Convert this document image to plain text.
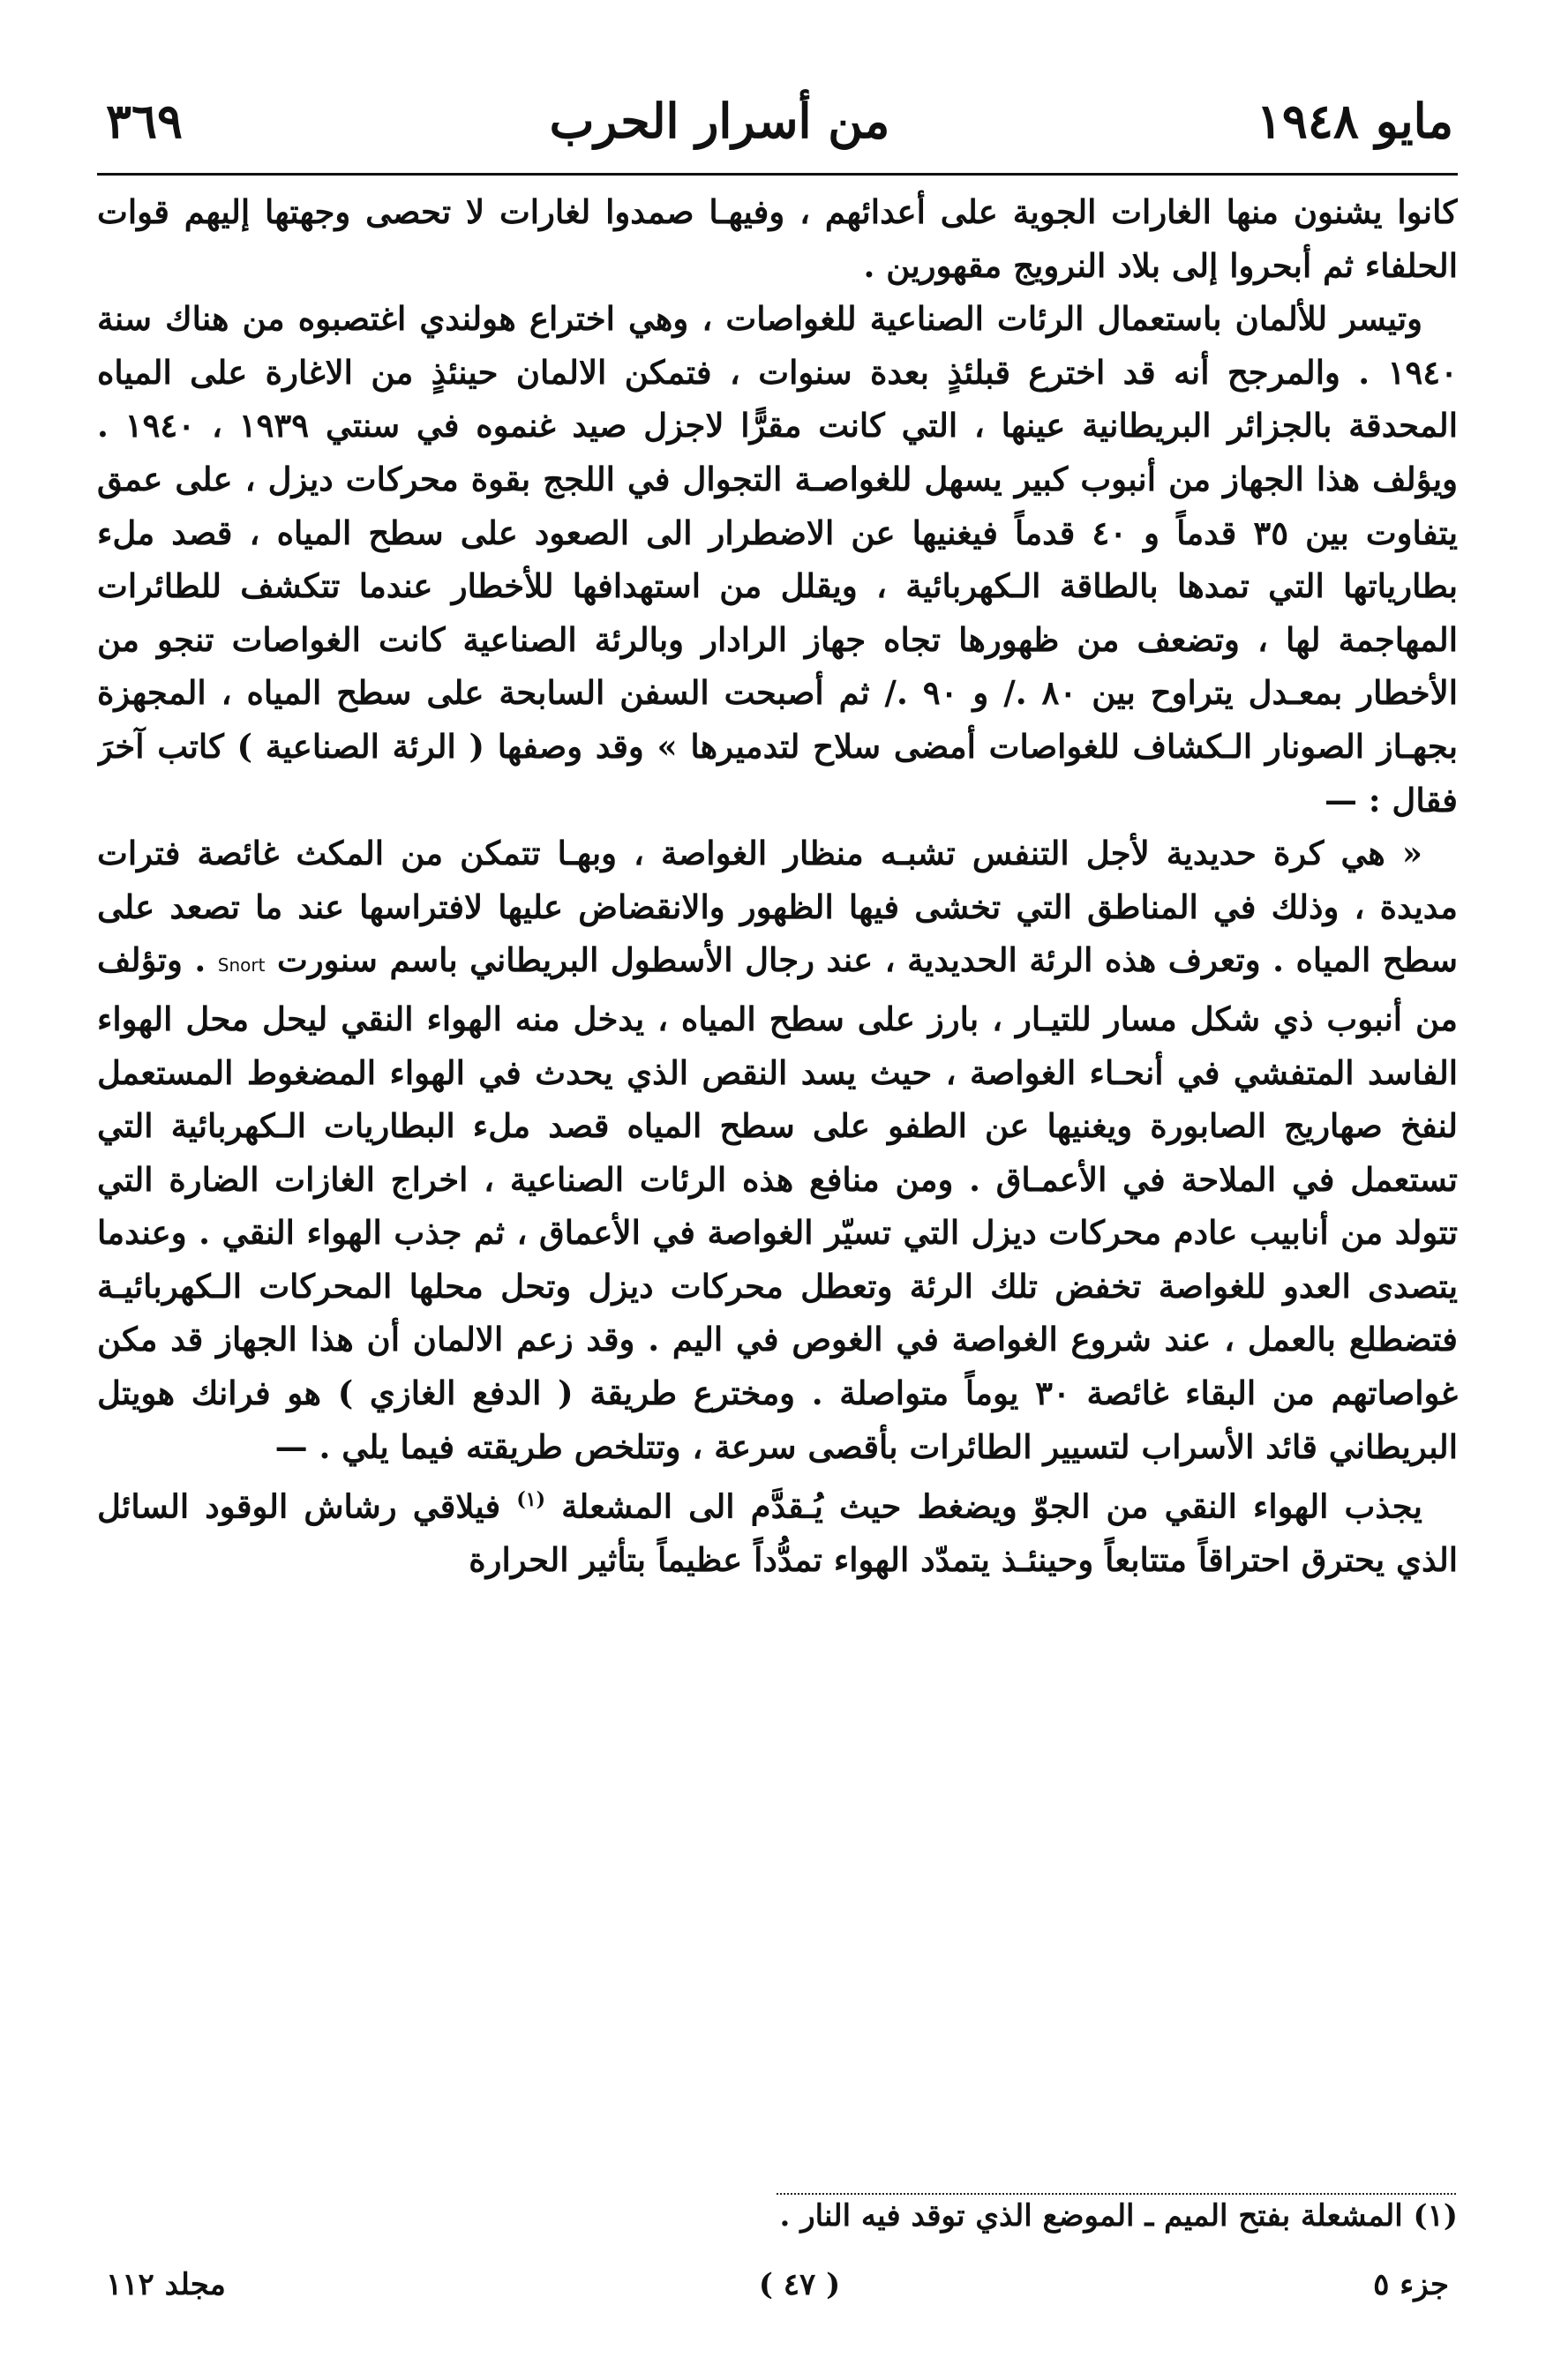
مايو ١٩٤٨
من أسرار الحرب
٣٦٩

كانوا يشنون منها الغارات الجوية على أعدائهم ، وفيهـا صمدوا لغارات لا تحصى وجهتها إليهم قوات الحلفاء ثم أبحروا إلى بلاد النرويج مقهورين .

وتيسر للألمان باستعمال الرئات الصناعية للغواصات ، وهي اختراع هولندي اغتصبوه من هناك سنة ١٩٤٠ . والمرجح أنه قد اخترع قبلئذٍ بعدة سنوات ، فتمكن الالمان حينئذٍ من الاغارة على المياه المحدقة بالجزائر البريطانية عينها ، التي كانت مقرًّا لاجزل صيد غنموه في سنتي ١٩٣٩ ، ١٩٤٠ . ويؤلف هذا الجهاز من أنبوب كبير يسهل للغواصـة التجوال في اللجج بقوة محركات ديزل ، على عمق يتفاوت بين ٣٥ قدماً و ٤٠ قدماً فيغنيها عن الاضطرار الى الصعود على سطح المياه ، قصد ملء بطارياتها التي تمدها بالطاقة الـكهربائية ، ويقلل من استهدافها للأخطار عندما تتكشف للطائرات المهاجمة لها ، وتضعف من ظهورها تجاه جهاز الرادار وبالرئة الصناعية كانت الغواصات تنجو من الأخطار بمعـدل يتراوح بين ٨٠ ./ و ٩٠ ./ ثم أصبحت السفن السابحة على سطح المياه ، المجهزة بجهـاز الصونار الـكشاف للغواصات أمضى سلاح لتدميرها » وقد وصفها ( الرئة الصناعية ) كاتب آخرَ فقال : —

« هي كرة حديدية لأجل التنفس تشبـه منظار الغواصة ، وبهـا تتمكن من المكث غائصة فترات مديدة ، وذلك في المناطق التي تخشى فيها الظهور والانقضاض عليها لافتراسها عند ما تصعد على سطح المياه . وتعرف هذه الرئة الحديدية ، عند رجال الأسطول البريطاني باسم سنورت Snort . وتؤلف من أنبوب ذي شكل مسار للتيـار ، بارز على سطح المياه ، يدخل منه الهواء النقي ليحل محل الهواء الفاسد المتفشي في أنحـاء الغواصة ، حيث يسد النقص الذي يحدث في الهواء المضغوط المستعمل لنفخ صهاريج الصابورة ويغنيها عن الطفو على سطح المياه قصد ملء البطاريات الـكهربائية التي تستعمل في الملاحة في الأعمـاق . ومن منافع هذه الرئات الصناعية ، اخراج الغازات الضارة التي تتولد من أنابيب عادم محركات ديزل التي تسيّر الغواصة في الأعماق ، ثم جذب الهواء النقي . وعندما يتصدى العدو للغواصة تخفض تلك الرئة وتعطل محركات ديزل وتحل محلها المحركات الـكهربائيـة فتضطلع بالعمل ، عند شروع الغواصة في الغوص في اليم . وقد زعم الالمان أن هذا الجهاز قد مكن غواصاتهم من البقاء غائصة ٣٠ يوماً متواصلة . ومخترع طريقة ( الدفع الغازي ) هو فرانك هويتل البريطاني قائد الأسراب لتسيير الطائرات بأقصى سرعة ، وتتلخص طريقته فيما يلي . —

يجذب الهواء النقي من الجوّ ويضغط حيث يُـقدَّم الى المشعلة $^{(١)}$ فيلاقي رشاش الوقود السائل الذي يحترق احتراقاً متتابعاً وحينئـذ يتمدّد الهواء تمدُّداً عظيماً بتأثير الحرارة

(١) المشعلة بفتح الميم ـ الموضع الذي توقد فيه النار .
جزء ٥
( ٤٧ )
مجلد ١١٢
